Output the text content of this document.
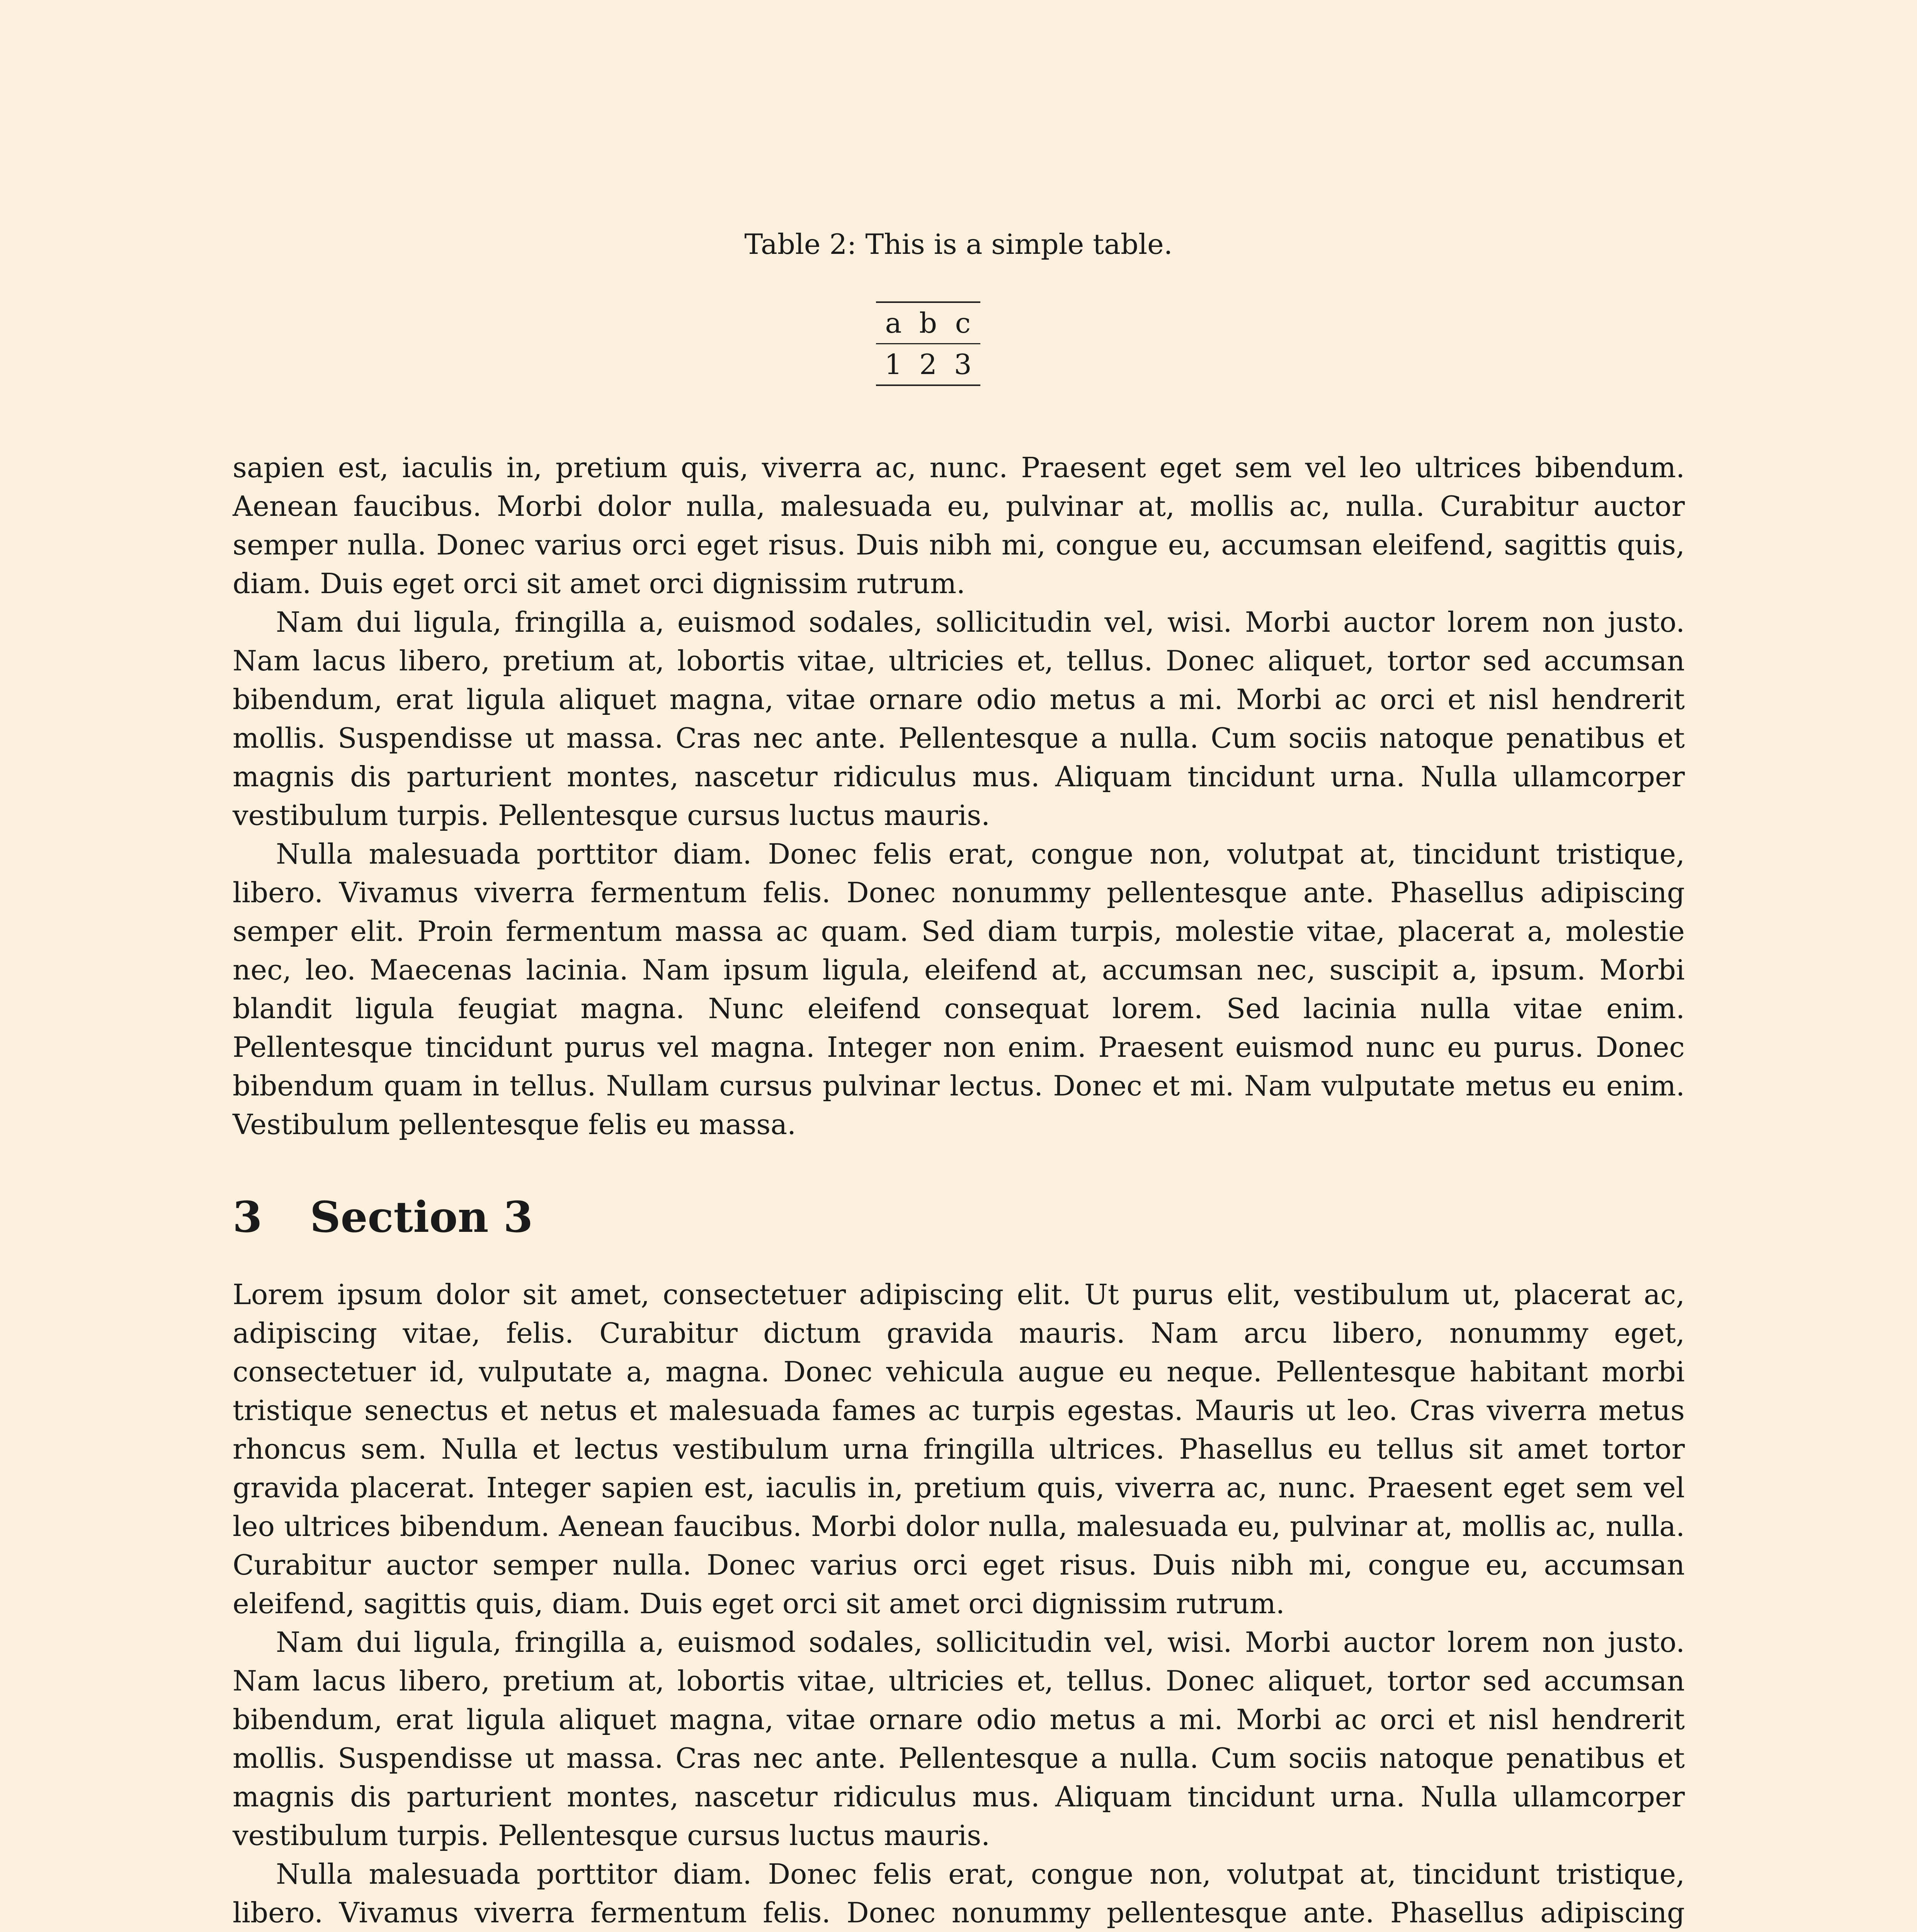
Table 2: This is a simple table.
a	b	c
1	2	3

sapien est, iaculis in, pretium quis, viverra ac, nunc. Praesent eget sem vel leo ultrices bibendum. Aenean faucibus. Morbi dolor nulla, malesuada eu, pulvinar at, mollis ac, nulla. Curabitur auctor semper nulla. Donec varius orci eget risus. Duis nibh mi, congue eu, accumsan eleifend, sagittis quis, diam. Duis eget orci sit amet orci dignissim rutrum.

Nam dui ligula, fringilla a, euismod sodales, sollicitudin vel, wisi. Morbi auctor lorem non justo. Nam lacus libero, pretium at, lobortis vitae, ultricies et, tellus. Donec aliquet, tortor sed accumsan bibendum, erat ligula aliquet magna, vitae ornare odio metus a mi. Morbi ac orci et nisl hendrerit mollis. Suspendisse ut massa. Cras nec ante. Pellentesque a nulla. Cum sociis natoque penatibus et magnis dis parturient montes, nascetur ridiculus mus. Aliquam tincidunt urna. Nulla ullamcorper vestibulum turpis. Pellentesque cursus luctus mauris.

Nulla malesuada porttitor diam. Donec felis erat, congue non, volutpat at, tincidunt tristique, libero. Vivamus viverra fermentum felis. Donec nonummy pellentesque ante. Phasellus adipiscing semper elit. Proin fermentum massa ac quam. Sed diam turpis, molestie vitae, placerat a, molestie nec, leo. Maecenas lacinia. Nam ipsum ligula, eleifend at, accumsan nec, suscipit a, ipsum. Morbi blandit ligula feugiat magna. Nunc eleifend consequat lorem. Sed lacinia nulla vitae enim. Pellentesque tincidunt purus vel magna. Integer non enim. Praesent euismod nunc eu purus. Donec bibendum quam in tellus. Nullam cursus pulvinar lectus. Donec et mi. Nam vulputate metus eu enim. Vestibulum pellentesque felis eu massa.

3 Section 3

Lorem ipsum dolor sit amet, consectetuer adipiscing elit. Ut purus elit, vestibulum ut, placerat ac, adipiscing vitae, felis. Curabitur dictum gravida mauris. Nam arcu libero, nonummy eget, consectetuer id, vulputate a, magna. Donec vehicula augue eu neque. Pellentesque habitant morbi tristique senectus et netus et malesuada fames ac turpis egestas. Mauris ut leo. Cras viverra metus rhoncus sem. Nulla et lectus vestibulum urna fringilla ultrices. Phasellus eu tellus sit amet tortor gravida placerat. Integer sapien est, iaculis in, pretium quis, viverra ac, nunc. Praesent eget sem vel leo ultrices bibendum. Aenean faucibus. Morbi dolor nulla, malesuada eu, pulvinar at, mollis ac, nulla. Curabitur auctor semper nulla. Donec varius orci eget risus. Duis nibh mi, congue eu, accumsan eleifend, sagittis quis, diam. Duis eget orci sit amet orci dignissim rutrum.

Nam dui ligula, fringilla a, euismod sodales, sollicitudin vel, wisi. Morbi auctor lorem non justo. Nam lacus libero, pretium at, lobortis vitae, ultricies et, tellus. Donec aliquet, tortor sed accumsan bibendum, erat ligula aliquet magna, vitae ornare odio metus a mi. Morbi ac orci et nisl hendrerit mollis. Suspendisse ut massa. Cras nec ante. Pellentesque a nulla. Cum sociis natoque penatibus et magnis dis parturient montes, nascetur ridiculus mus. Aliquam tincidunt urna. Nulla ullamcorper vestibulum turpis. Pellentesque cursus luctus mauris.

Nulla malesuada porttitor diam. Donec felis erat, congue non, volutpat at, tincidunt tristique, libero. Vivamus viverra fermentum felis. Donec nonummy pellentesque ante. Phasellus adipiscing
